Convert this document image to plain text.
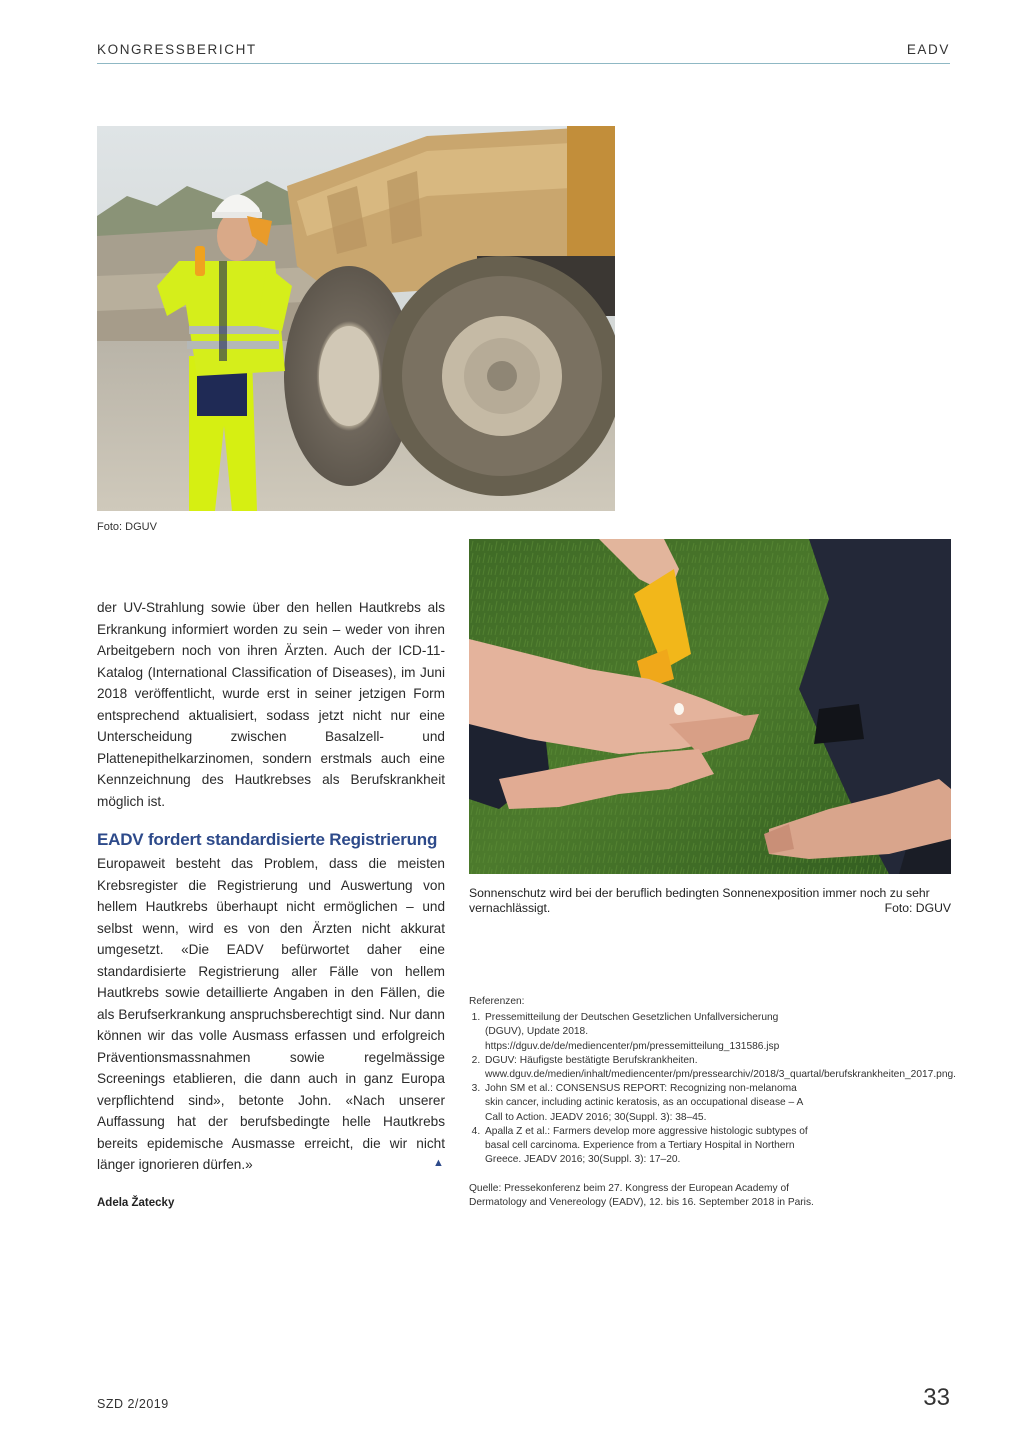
KONGRESSBERICHT	EADV
Foto: DGUV
Sonnenschutz wird bei der beruflich bedingten Sonnenexposition immer noch zu sehr vernachlässigt.	Foto: DGUV
der UV-Strahlung sowie über den hellen Hautkrebs als Erkrankung informiert worden zu sein – weder von ihren Arbeitgebern noch von ihren Ärzten. Auch der ICD-11-Katalog (International Classification of Diseases), im Juni 2018 veröffentlicht, wurde erst in seiner jetzigen Form entsprechend aktualisiert, sodass jetzt nicht nur eine Unterscheidung zwischen Basalzell- und Plattenepithelkarzinomen, sondern erstmals auch eine Kennzeichnung des Hautkrebses als Berufskrankheit möglich ist.
EADV fordert standardisierte Registrierung
Europaweit besteht das Problem, dass die meisten Krebsregister die Registrierung und Auswertung von hellem Hautkrebs überhaupt nicht ermöglichen – und selbst wenn, wird es von den Ärzten nicht akkurat umgesetzt. «Die EADV befürwortet daher eine standardisierte Registrierung aller Fälle von hellem Hautkrebs sowie detaillierte Angaben in den Fällen, die als Berufserkrankung anspruchsberechtigt sind. Nur dann können wir das volle Ausmass erfassen und erfolgreich Präventionsmassnahmen sowie regelmässige Screenings etablieren, die dann auch in ganz Europa verpflichtend sind», betonte John. «Nach unserer Auffassung hat der berufsbedingte helle Hautkrebs bereits epidemische Ausmasse erreicht, die wir nicht länger ignorieren dürfen.»	▲
Adela Žatecky
Referenzen:
1. Pressemitteilung der Deutschen Gesetzlichen Unfallversicherung (DGUV), Update 2018. https://dguv.de/de/mediencenter/pm/pressemitteilung_131586.jsp
2. DGUV: Häufigste bestätigte Berufskrankheiten. www.dguv.de/medien/inhalt/mediencenter/pm/pressearchiv/2018/3_quartal/berufskrankheiten_2017.png.
3. John SM et al.: CONSENSUS REPORT: Recognizing non-melanoma skin cancer, including actinic keratosis, as an occupational disease – A Call to Action. JEADV 2016; 30(Suppl. 3): 38–45.
4. Apalla Z et al.: Farmers develop more aggressive histologic subtypes of basal cell carcinoma. Experience from a Tertiary Hospital in Northern Greece. JEADV 2016; 30(Suppl. 3): 17–20.
Quelle: Pressekonferenz beim 27. Kongress der European Academy of Dermatology and Venereology (EADV), 12. bis 16. September 2018 in Paris.
SZD 2/2019	33
